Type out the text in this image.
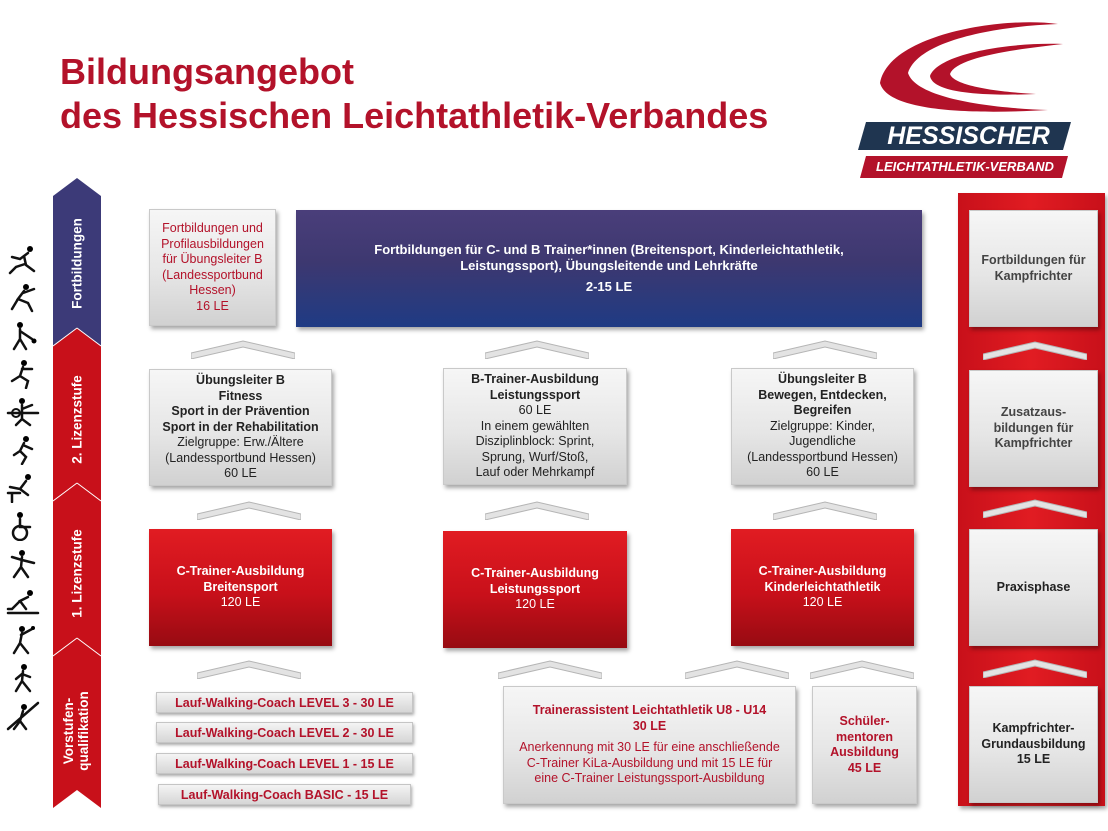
Bildungsangebot
des Hessischen Leichtathletik-Verbandes	HESSISCHER
LEICHTATHLETIK-VERBAND
Fortbildungen
2. Lizenzstufe
1. Lizenzstufe
Vorstufen- qualifikation
Fortbildungen und
Profilausbildungen
für Übungsleiter B
(Landessportbund
Hessen)
16 LE
Fortbildungen für C- und B Trainer*innen (Breitensport, Kinderleichtathletik,
Leistungssport), Übungsleitende und Lehrkräfte
2-15 LE
Übungsleiter B
Fitness
Sport in der Prävention
Sport in der Rehabilitation
Zielgruppe: Erw./Ältere
(Landessportbund Hessen)
60 LE
B-Trainer-Ausbildung
Leistungssport
60 LE
In einem gewählten
Disziplinblock: Sprint,
Sprung, Wurf/Stoß,
Lauf oder Mehrkampf
Übungsleiter B
Bewegen, Entdecken,
Begreifen
Zielgruppe: Kinder,
Jugendliche
(Landessportbund Hessen)
60 LE
C-Trainer-Ausbildung
Breitensport
120 LE
C-Trainer-Ausbildung
Leistungssport
120 LE
C-Trainer-Ausbildung
Kinderleichtathletik
120 LE
Lauf-Walking-Coach LEVEL 3 - 30 LE
Lauf-Walking-Coach LEVEL 2 - 30 LE
Lauf-Walking-Coach LEVEL 1 - 15 LE
Lauf-Walking-Coach BASIC - 15 LE
Trainerassistent Leichtathletik U8 - U14
30 LE
Anerkennung mit 30 LE für eine anschließende
C-Trainer KiLa-Ausbildung und mit 15 LE für
eine C-Trainer Leistungssport-Ausbildung
Schüler-
mentoren
Ausbildung
45 LE
Fortbildungen für
Kampfrichter
Zusatzaus-
bildungen für
Kampfrichter
Praxisphase
Kampfrichter-
Grundausbildung
15 LE
